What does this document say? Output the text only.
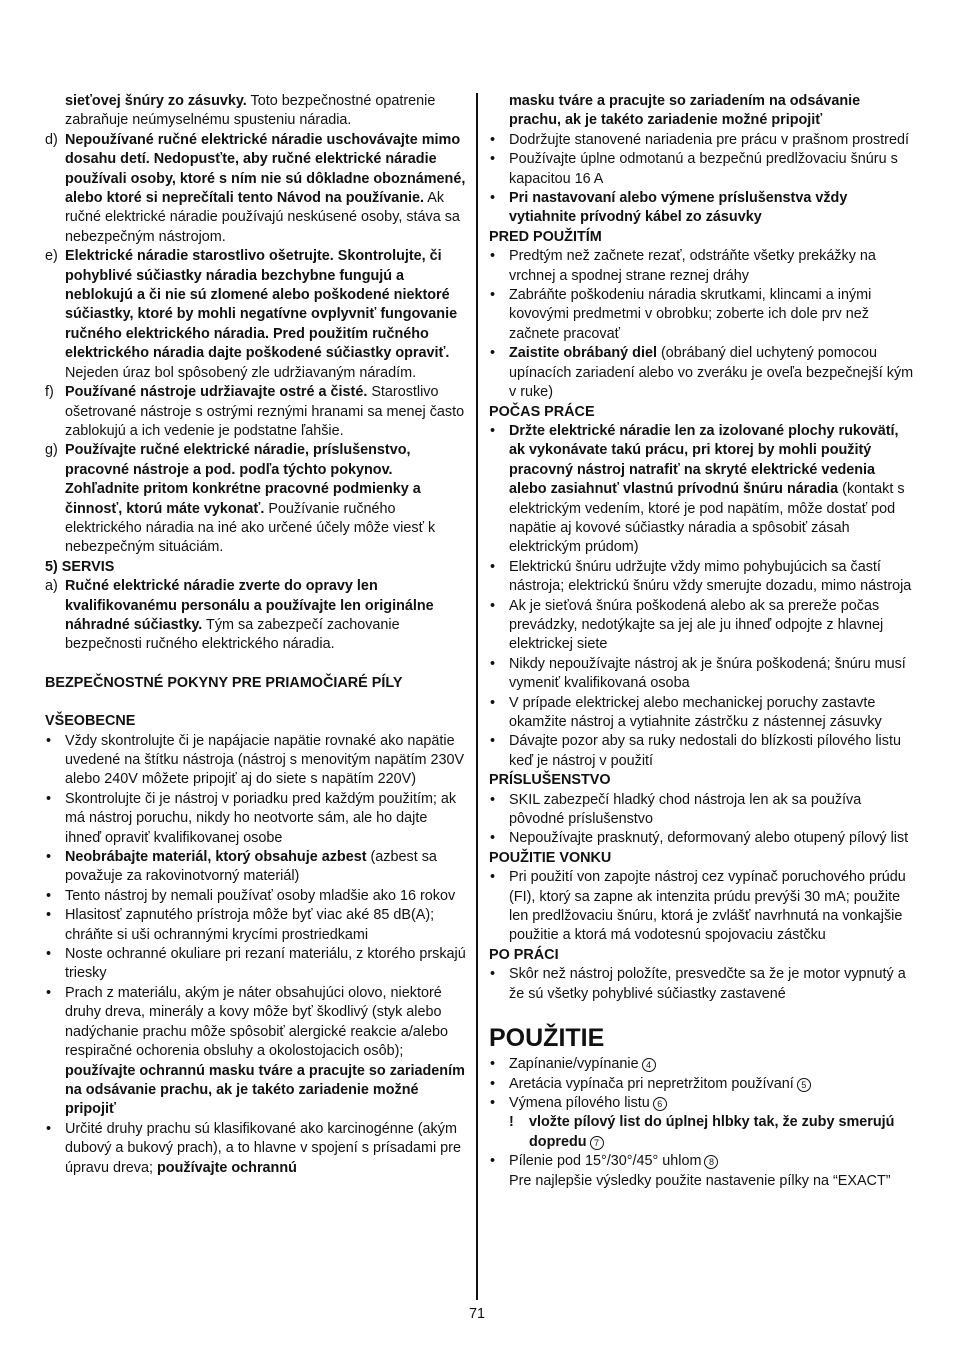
sieťovej šnúry zo zásuvky. Toto bezpečnostné opatrenie zabraňuje neúmyselnému spusteniu náradia.
d) Nepoužívané ručné elektrické náradie uschovávajte mimo dosahu detí. Nedopusťte, aby ručné elektrické náradie používali osoby, ktoré s ním nie sú dôkladne oboznámené, alebo ktoré si neprečítali tento Návod na používanie. Ak ručné elektrické náradie používajú neskúsené osoby, stáva sa nebezpečným nástrojom.
e) Elektrické náradie starostlivo ošetrujte. Skontrolujte, či pohyblivé súčiastky náradia bezchybne fungujú a neblokujú a či nie sú zlomené alebo poškodené niektoré súčiastky, ktoré by mohli negatívne ovplyvniť fungovanie ručného elektrického náradia. Pred použitím ručného elektrického náradia dajte poškodené súčiastky opraviť. Nejeden úraz bol spôsobený zle udržiavaným náradím.
f) Používané nástroje udržiavajte ostré a čisté. Starostlivo ošetrované nástroje s ostrými reznými hranami sa menej často zablokujú a ich vedenie je podstatne ľahšie.
g) Používajte ručné elektrické náradie, príslušenstvo, pracovné nástroje a pod. podľa týchto pokynov. Zohľadnite pritom konkrétne pracovné podmienky a činnosť, ktorú máte vykonať. Používanie ručného elektrického náradia na iné ako určené účely môže viesť k nebezpečným situáciám.
5) SERVIS
a) Ručné elektrické náradie zverte do opravy len kvalifikovanému personálu a používajte len originálne náhradné súčiastky. Tým sa zabezpečí zachovanie bezpečnosti ručného elektrického náradia.
BEZPEČNOSTNÉ POKYNY PRE PRIAMOČIARÉ PÍLY
VŠEOBECNE
• Vždy skontrolujte či je napájacie napätie rovnaké ako napätie uvedené na štítku nástroja (nástroj s menovitým napätím 230V alebo 240V môžete pripojiť aj do siete s napätím 220V)
• Skontrolujte či je nástroj v poriadku pred každým použitím; ak má nástroj poruchu, nikdy ho neotvorte sám, ale ho dajte ihneď opraviť kvalifikovanej osobe
• Neobrábajte materiál, ktorý obsahuje azbest (azbest sa považuje za rakovinotvorný materiál)
• Tento nástroj by nemali používať osoby mladšie ako 16 rokov
• Hlasitosť zapnutého prístroja môže byť viac aké 85 dB(A); chráňte si uši ochrannými krycími prostriedkami
• Noste ochranné okuliare pri rezaní materiálu, z ktorého prskajú triesky
• Prach z materiálu, akým je náter obsahujúci olovo, niektoré druhy dreva, minerály a kovy môže byť škodlivý (styk alebo nadýchanie prachu môže spôsobiť alergické reakcie a/alebo respiračné ochorenia obsluhy a okolostojacich osôb); používajte ochrannú masku tváre a pracujte so zariadením na odsávanie prachu, ak je takéto zariadenie možné pripojiť
• Určité druhy prachu sú klasifikované ako karcinogénne (akým dubový a bukový prach), a to hlavne v spojení s prísadami pre úpravu dreva; používajte ochrannú
masku tváre a pracujte so zariadením na odsávanie prachu, ak je takéto zariadenie možné pripojiť
• Dodržujte stanovené nariadenia pre prácu v prašnom prostredí
• Používajte úplne odmotanú a bezpečnú predlžovaciu šnúru s kapacitou 16 A
• Pri nastavovaní alebo výmene príslušenstva vždy vytiahnite prívodný kábel zo zásuvky
PRED POUŽITÍM
• Predtým než začnete rezať, odstráňte všetky prekážky na vrchnej a spodnej strane reznej dráhy
• Zabráňte poškodeniu náradia skrutkami, klincami a inými kovovými predmetmi v obrobku; zoberte ich dole prv než začnete pracovať
• Zaistite obrábaný diel (obrábaný diel uchytený pomocou upínacích zariadení alebo vo zveráku je oveľa bezpečnejší kým v ruke)
POČAS PRÁCE
• Držte elektrické náradie len za izolované plochy rukovätí, ak vykonávate takú prácu, pri ktorej by mohli použitý pracovný nástroj natrafiť na skryté elektrické vedenia alebo zasiahnuť vlastnú prívodnú šnúru náradia (kontakt s elektrickým vedením, ktoré je pod napätím, môže dostať pod napätie aj kovové súčiastky náradia a spôsobiť zásah elektrickým prúdom)
• Elektrickú šnúru udržujte vždy mimo pohybujúcich sa častí nástroja; elektrickú šnúru vždy smerujte dozadu, mimo nástroja
• Ak je sieťová šnúra poškodená alebo ak sa prereže počas prevádzky, nedotýkajte sa jej ale ju ihneď odpojte z hlavnej elektrickej siete
• Nikdy nepoužívajte nástroj ak je šnúra poškodená; šnúru musí vymeniť kvalifikovaná osoba
• V prípade elektrickej alebo mechanickej poruchy zastavte okamžite nástroj a vytiahnite zástrčku z nástennej zásuvky
• Dávajte pozor aby sa ruky nedostali do blízkosti pílového listu keď je nástroj v použití
PRÍSLUŠENSTVO
• SKIL zabezpečí hladký chod nástroja len ak sa používa pôvodné príslušenstvo
• Nepoužívajte prasknutý, deformovaný alebo otupený pílový list
POUŽITIE VONKU
• Pri použití von zapojte nástroj cez vypínač poruchového prúdu (FI), ktorý sa zapne ak intenzita prúdu prevýši 30 mA; použite len predlžovaciu šnúru, ktorá je zvlášť navrhnutá na vonkajšie použitie a ktorá má vodotesnú spojovaciu zástčku
PO PRÁCI
• Skôr než nástroj položíte, presvedčte sa že je motor vypnutý a že sú všetky pohyblivé súčiastky zastavené
POUŽITIE
• Zapínanie/vypínanie 4
• Aretácia vypínača pri nepretržitom používaní 5
• Výmena pílového listu 6
! vložte pílový list do úplnej hlbky tak, že zuby smerujú dopredu 7
• Pílenie pod 15°/30°/45° uhlom 8
Pre najlepšie výsledky použite nastavenie pílky na “EXACT”
71
